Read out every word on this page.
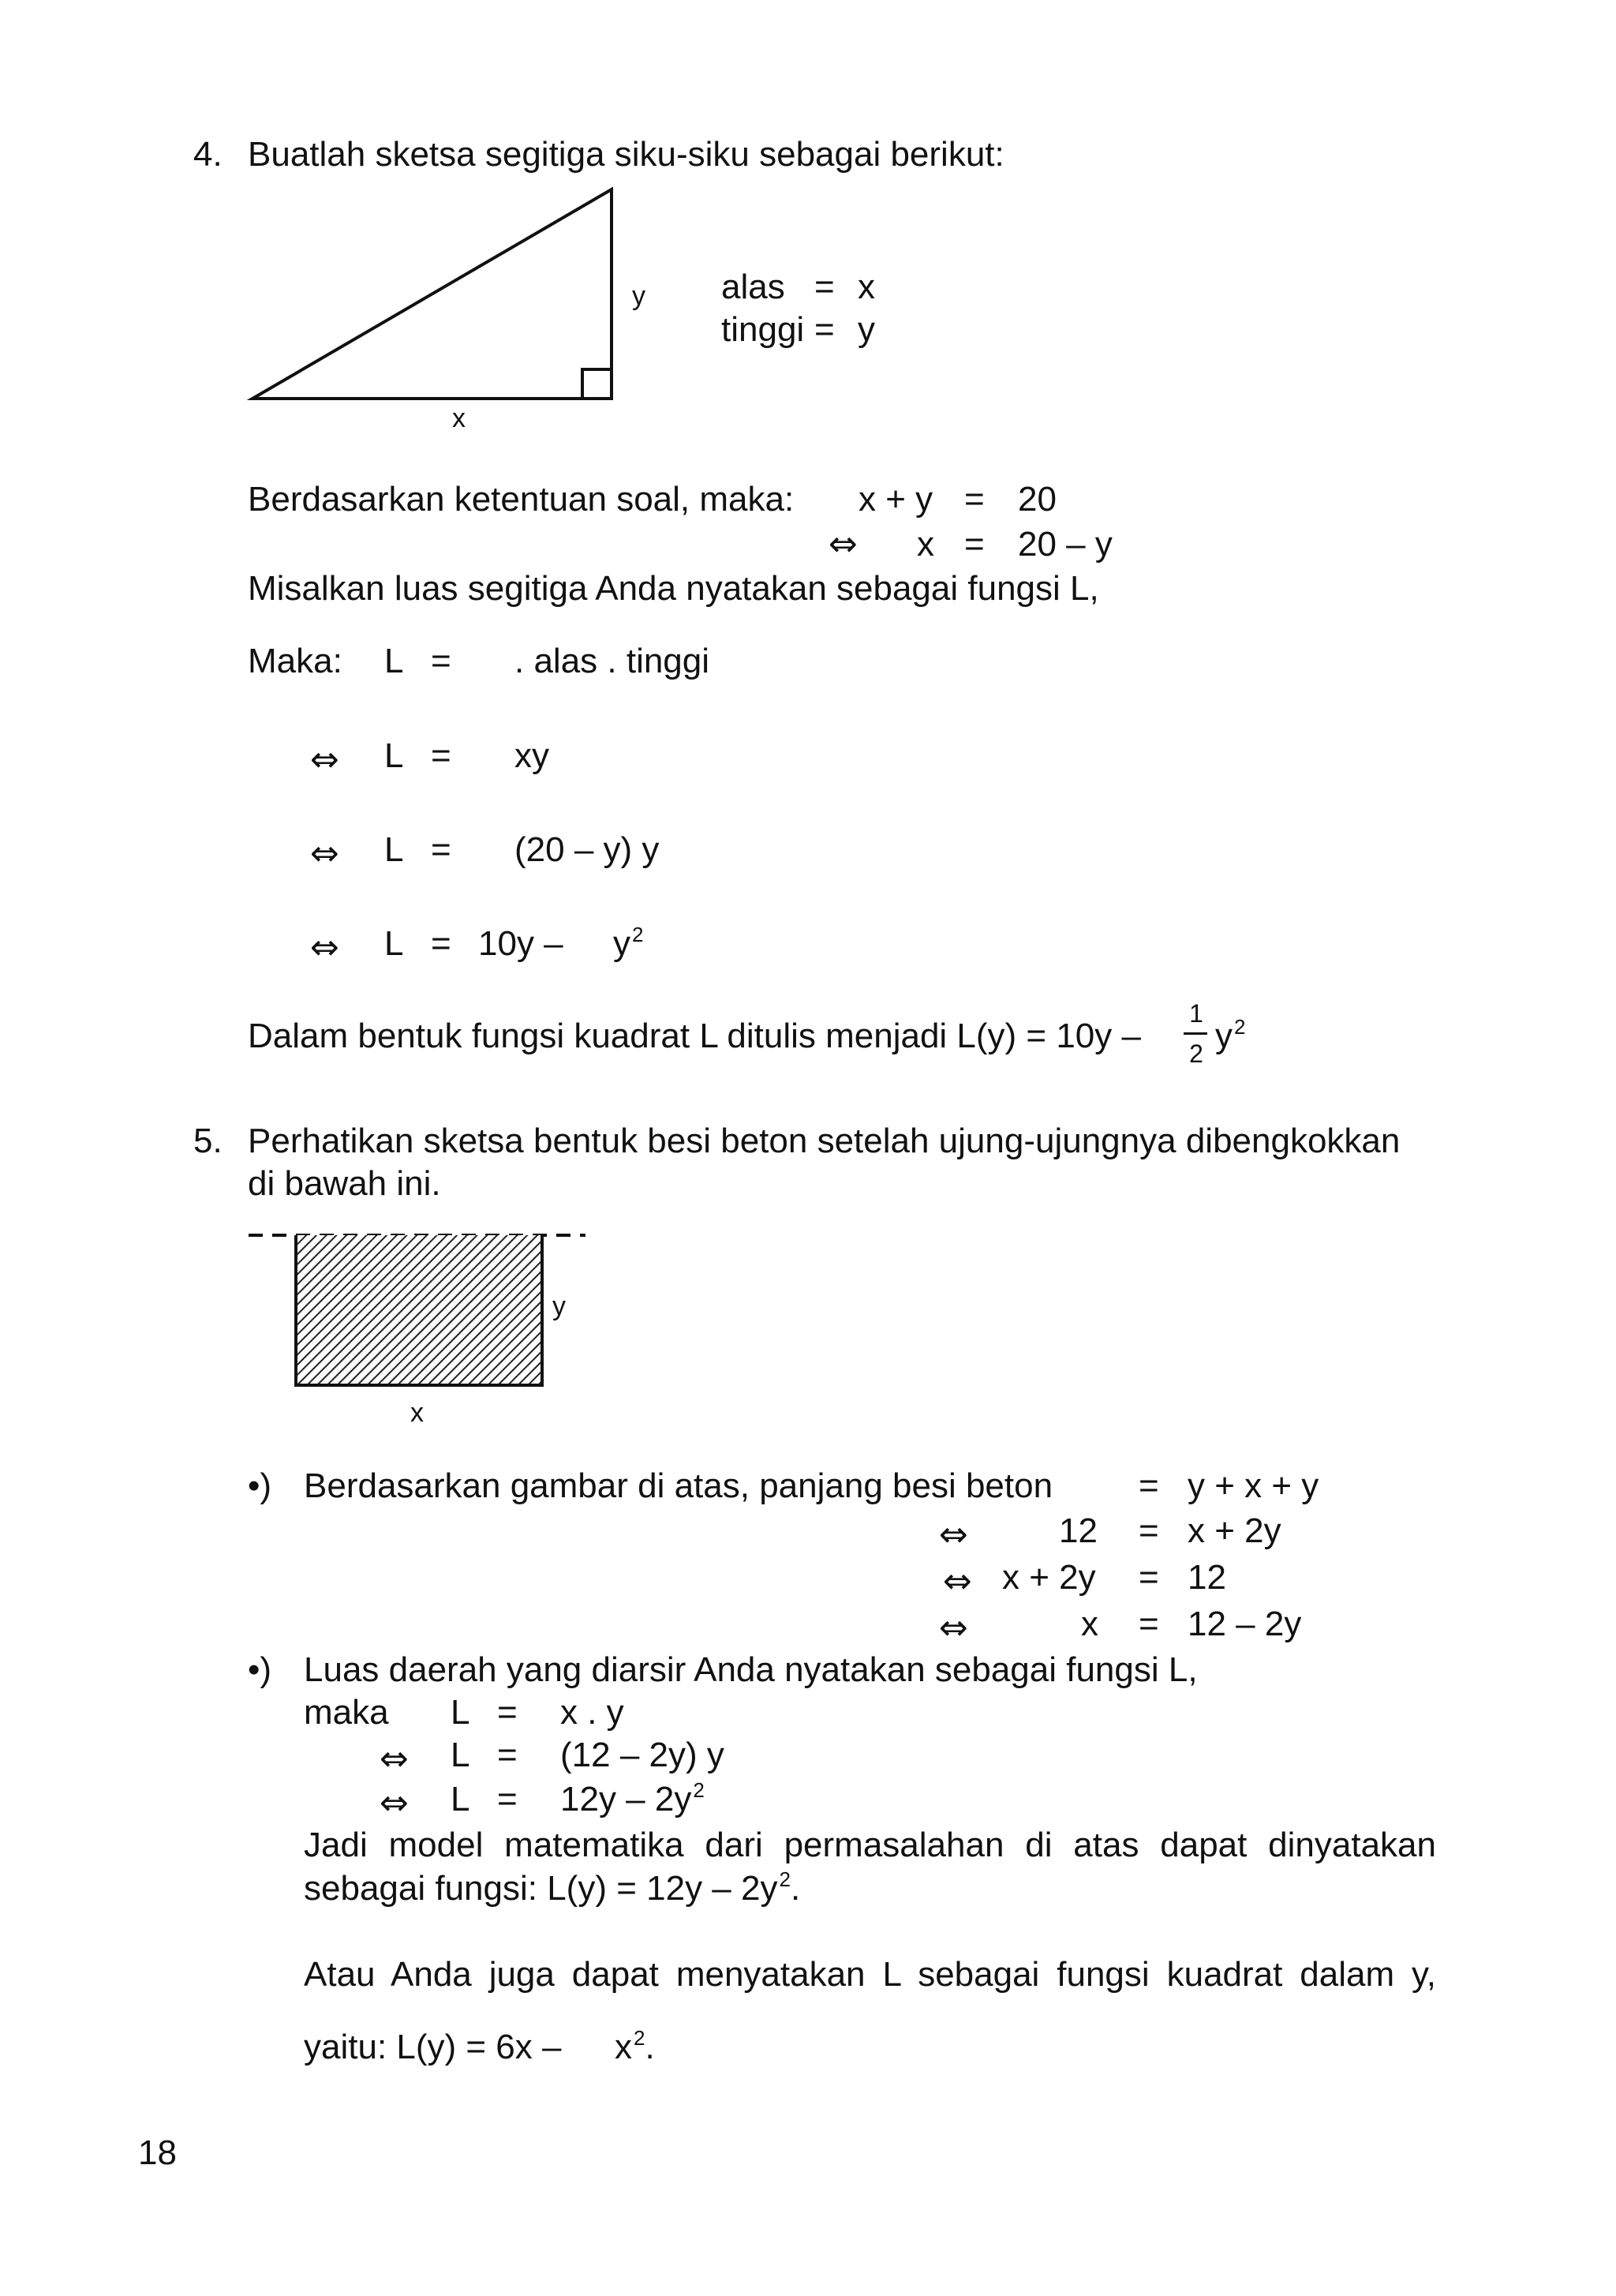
4. Buatlah sketsa segitiga siku-siku sebagai berikut:
y
x
alas = x
tinggi = y
Berdasarkan ketentuan soal, maka: x + y = 20
⇔ x = 20 – y
Misalkan luas segitiga Anda nyatakan sebagai fungsi L,
Maka: L = . alas . tinggi
⇔ L = xy
⇔ L = (20 – y) y
⇔ $L = 10y - y^2$
Dalam bentuk fungsi kuadrat L ditulis menjadi L(y) = 10y –
1
2 $y^2$
5. Perhatikan sketsa bentuk besi beton setelah ujung-ujungnya dibengkokkan
di bawah ini.
y
x
•) Berdasarkan gambar di atas, panjang besi beton = y + x + y
⇔	12 = x + 2y
⇔ x + 2y = 12
⇔	x = 12 – 2y
•) Luas daerah yang diarsir Anda nyatakan sebagai fungsi L,
maka L = x . y
⇔ L = (12 – 2y) y
⇔ $L = 12y - 2y^2$
Jadi model matematika dari permasalahan di atas dapat dinyatakan
sebagai fungsi: $L(y) = 12y - 2y^2$.
Atau Anda juga dapat menyatakan L sebagai fungsi kuadrat dalam y,
yaitu: $L(y) = 6x - x^2$.
18
